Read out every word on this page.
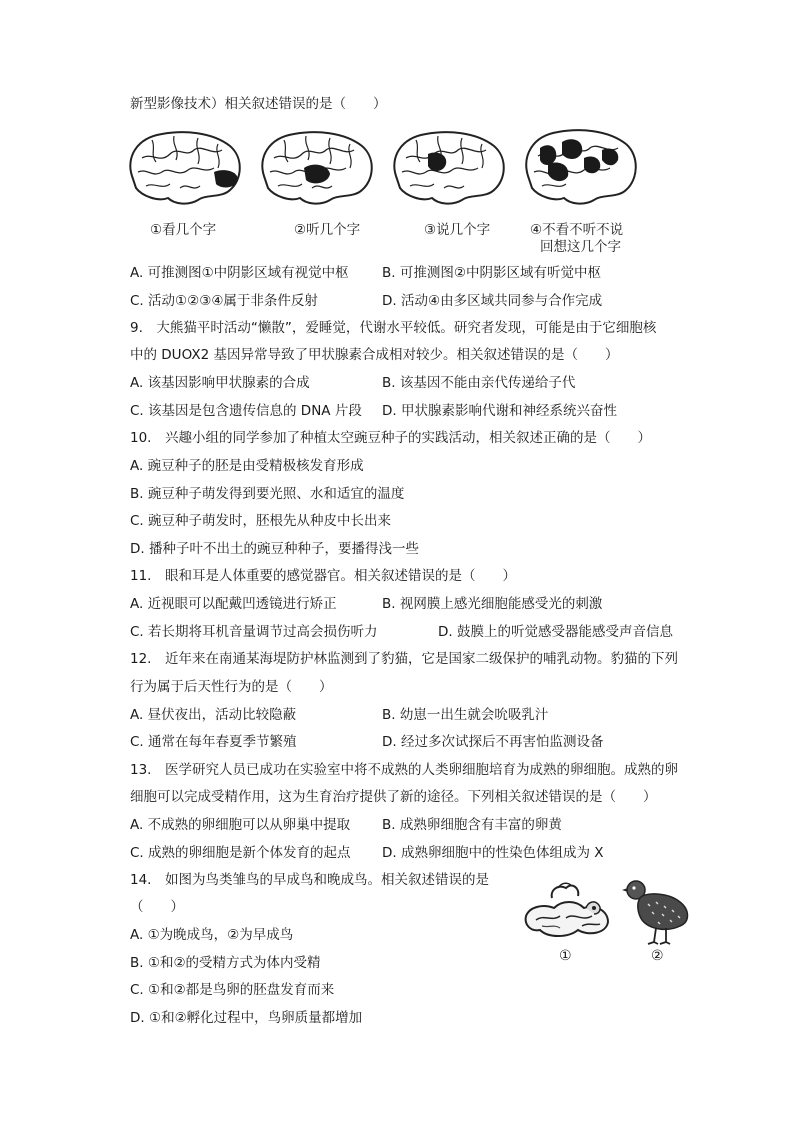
新型影像技术）相关叙述错误的是（　　）
①看几个字	②听几个字	③说几个字	④不看不听不说
回想这几个字
A. 可推测图①中阴影区域有视觉中枢 B. 可推测图②中阴影区域有听觉中枢
C. 活动①②③④属于非条件反射	D. 活动④由多区域共同参与合作完成
9.　大熊猫平时活动“懒散”，爱睡觉，代谢水平较低。研究者发现，可能是由于它细胞核
中的 DUOX2 基因异常导致了甲状腺素合成相对较少。相关叙述错误的是（　　）
A. 该基因影响甲状腺素的合成	B. 该基因不能由亲代传递给子代
C. 该基因是包含遗传信息的 DNA 片段 D. 甲状腺素影响代谢和神经系统兴奋性
10.　兴趣小组的同学参加了种植太空豌豆种子的实践活动，相关叙述正确的是（　　）
A. 豌豆种子的胚是由受精极核发育形成
B. 豌豆种子萌发得到要光照、水和适宜的温度
C. 豌豆种子萌发时，胚根先从种皮中长出来
D. 播种子叶不出土的豌豆种种子，要播得浅一些
11.　眼和耳是人体重要的感觉器官。相关叙述错误的是（　　）
A. 近视眼可以配戴凹透镜进行矫正	B. 视网膜上感光细胞能感受光的刺激
C. 若长期将耳机音量调节过高会损伤听力	D. 鼓膜上的听觉感受器能感受声音信息
12.　近年来在南通某海堤防护林监测到了豹猫，它是国家二级保护的哺乳动物。豹猫的下列
行为属于后天性行为的是（　　）
A. 昼伏夜出，活动比较隐蔽	B. 幼崽一出生就会吮吸乳汁
C. 通常在每年春夏季节繁殖	D. 经过多次试探后不再害怕监测设备
13.　医学研究人员已成功在实验室中将不成熟的人类卵细胞培育为成熟的卵细胞。成熟的卵
细胞可以完成受精作用，这为生育治疗提供了新的途径。下列相关叙述错误的是（　　）
A. 不成熟的卵细胞可以从卵巢中提取 B. 成熟卵细胞含有丰富的卵黄
C. 成熟的卵细胞是新个体发育的起点 D. 成熟卵细胞中的性染色体组成为 X
14.　如图为鸟类雏鸟的早成鸟和晚成鸟。相关叙述错误的是
（　　）
A. ①为晚成鸟，②为早成鸟
B. ①和②的受精方式为体内受精
C. ①和②都是鸟卵的胚盘发育而来
D. ①和②孵化过程中，鸟卵质量都增加
①	②
